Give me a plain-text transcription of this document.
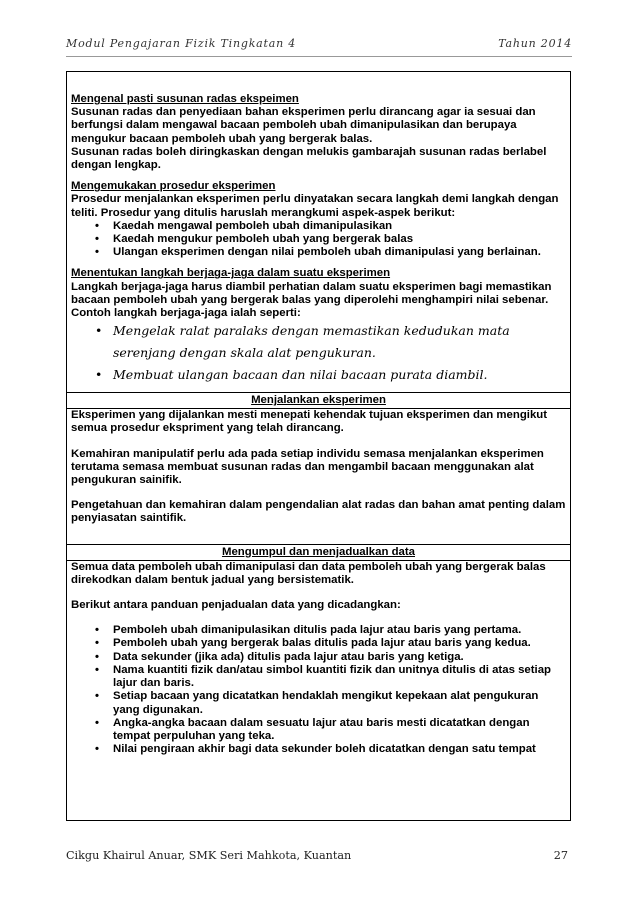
Modul Pengajaran Fizik Tingkatan 4	Tahun 2014

Mengenal pasti susunan radas ekspeimen

Susunan radas dan penyediaan bahan eksperimen perlu dirancang agar ia sesuai dan berfungsi dalam mengawal bacaan pemboleh ubah dimanipulasikan dan berupaya mengukur bacaan pemboleh ubah yang bergerak balas.

Susunan radas boleh diringkaskan dengan melukis gambarajah susunan radas berlabel dengan lengkap.

Mengemukakan prosedur eksperimen

Prosedur menjalankan eksperimen perlu dinyatakan secara langkah demi langkah dengan teliti. Prosedur yang ditulis haruslah merangkumi aspek-aspek berikut:

• Kaedah mengawal pemboleh ubah dimanipulasikan
• Kaedah mengukur pemboleh ubah yang bergerak balas
• Ulangan eksperimen dengan nilai pemboleh ubah dimanipulasi yang berlainan.

Menentukan langkah berjaga-jaga dalam suatu eksperimen

Langkah berjaga-jaga harus diambil perhatian dalam suatu eksperimen bagi memastikan bacaan pemboleh ubah yang bergerak balas yang diperolehi menghampiri nilai sebenar.

Contoh langkah berjaga-jaga ialah seperti:

• Mengelak ralat paralaks dengan memastikan kedudukan mata serenjang dengan skala alat pengukuran.
• Membuat ulangan bacaan dan nilai bacaan purata diambil.
Menjalankan eksperimen

Eksperimen yang dijalankan mesti menepati kehendak tujuan eksperimen dan mengikut semua prosedur ekspriment yang telah dirancang.

Kemahiran manipulatif perlu ada pada setiap individu semasa menjalankan eksperimen terutama semasa membuat susunan radas dan mengambil bacaan menggunakan alat pengukuran sainifik.

Pengetahuan dan kemahiran dalam pengendalian alat radas dan bahan amat penting dalam penyiasatan saintifik.

Mengumpul dan menjadualkan data

Semua data pemboleh ubah dimanipulasi dan data pemboleh ubah yang bergerak balas direkodkan dalam bentuk jadual yang bersistematik.

Berikut antara panduan penjadualan data yang dicadangkan:

• Pemboleh ubah dimanipulasikan ditulis pada lajur atau baris yang pertama.
• Pemboleh ubah yang bergerak balas ditulis pada lajur atau baris yang kedua.
• Data sekunder (jika ada) ditulis pada lajur atau baris yang ketiga.
• Nama kuantiti fizik dan/atau simbol kuantiti fizik dan unitnya ditulis di atas setiap lajur dan baris.
• Setiap bacaan yang dicatatkan hendaklah mengikut kepekaan alat pengukuran yang digunakan.
• Angka-angka bacaan dalam sesuatu lajur atau baris mesti dicatatkan dengan tempat perpuluhan yang teka.
• Nilai pengiraan akhir bagi data sekunder boleh dicatatkan dengan satu tempat
Cikgu Khairul Anuar, SMK Seri Mahkota, Kuantan	27
